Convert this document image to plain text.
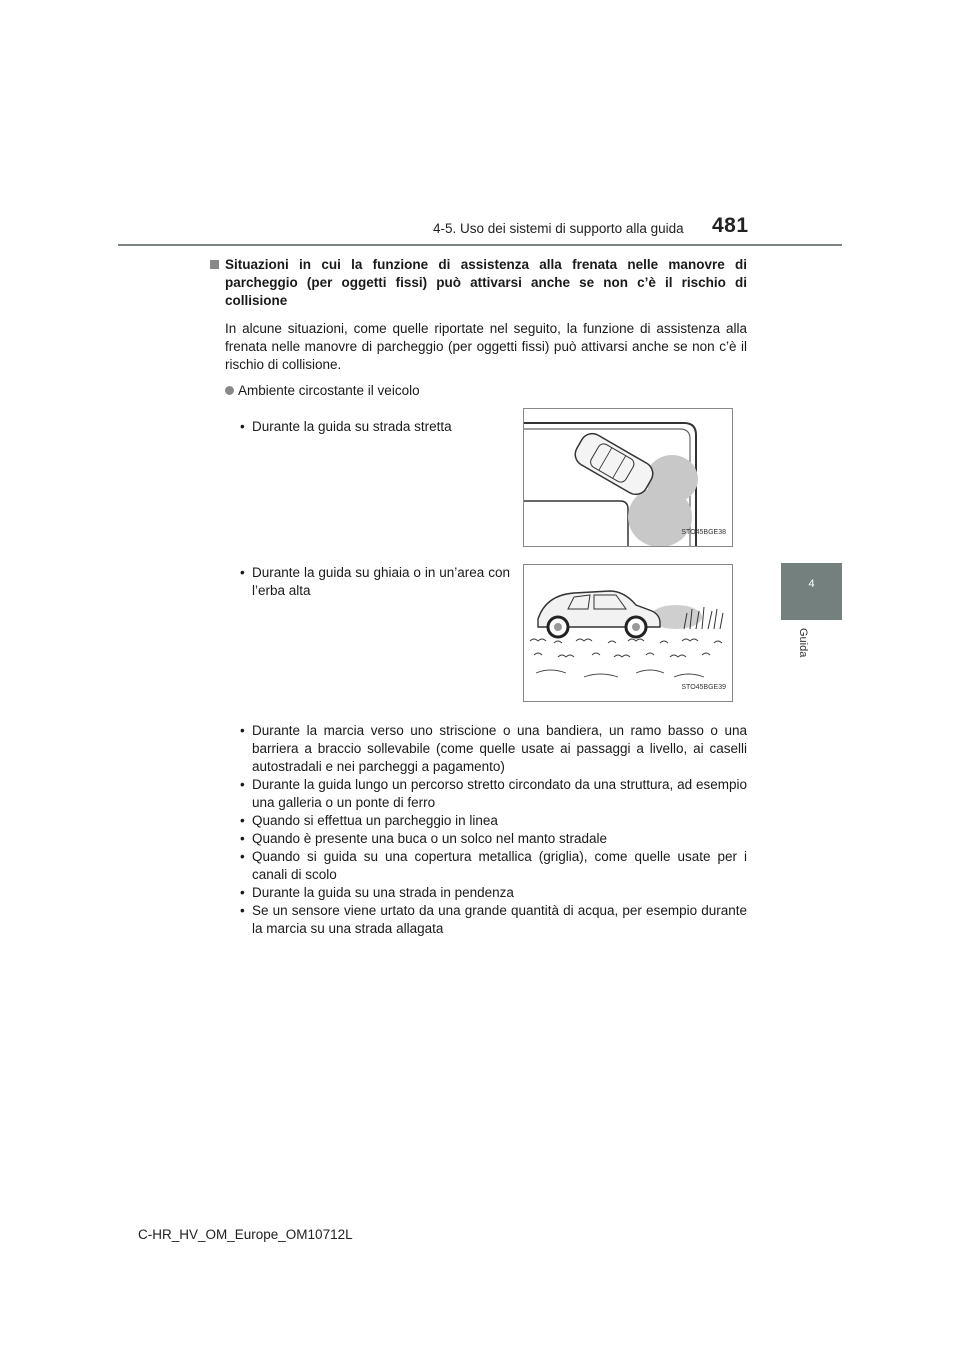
4-5. Uso dei sistemi di supporto alla guida 481
4
Guida
Situazioni in cui la funzione di assistenza alla frenata nelle manovre di parcheggio (per oggetti fissi) può attivarsi anche se non c’è il rischio di collisione

In alcune situazioni, come quelle riportate nel seguito, la funzione di assistenza alla frenata nelle manovre di parcheggio (per oggetti fissi) può attivarsi anche se non c’è il rischio di collisione.

Ambiente circostante il veicolo
• Durante la guida su strada stretta
STO45BGE38
• Durante la guida su ghiaia o in un’area con l’erba alta
STO45BGE39
• Durante la marcia verso uno striscione o una bandiera, un ramo basso o una barriera a braccio sollevabile (come quelle usate ai passaggi a livello, ai caselli autostradali e nei parcheggi a pagamento)
• Durante la guida lungo un percorso stretto circondato da una struttura, ad esempio una galleria o un ponte di ferro
• Quando si effettua un parcheggio in linea
• Quando è presente una buca o un solco nel manto stradale
• Quando si guida su una copertura metallica (griglia), come quelle usate per i canali di scolo
• Durante la guida su una strada in pendenza
• Se un sensore viene urtato da una grande quantità di acqua, per esempio durante la marcia su una strada allagata
C-HR_HV_OM_Europe_OM10712L
